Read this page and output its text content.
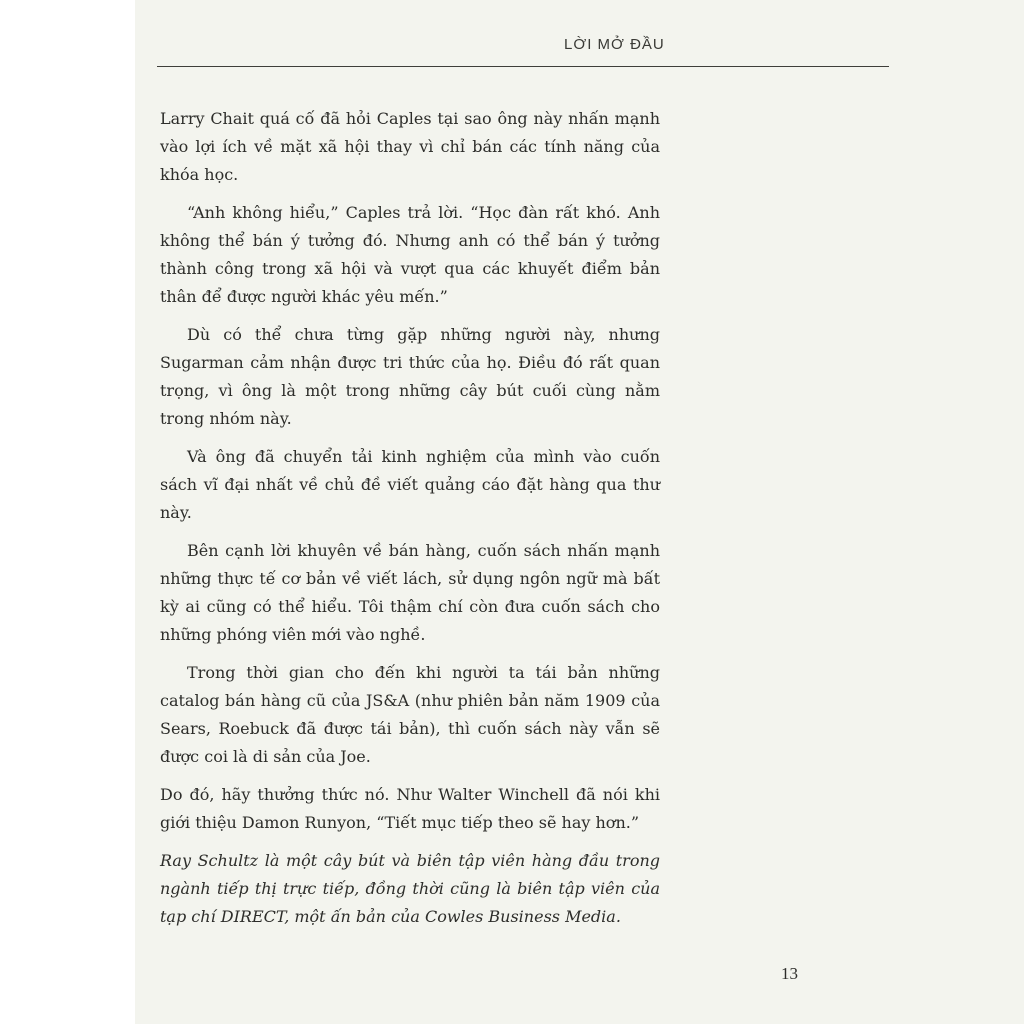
LỜI MỞ ĐẦU

Larry Chait quá cố đã hỏi Caples tại sao ông này nhấn mạnh vào lợi ích về mặt xã hội thay vì chỉ bán các tính năng của khóa học.

“Anh không hiểu,” Caples trả lời. “Học đàn rất khó. Anh không thể bán ý tưởng đó. Nhưng anh có thể bán ý tưởng thành công trong xã hội và vượt qua các khuyết điểm bản thân để được người khác yêu mến.”

Dù có thể chưa từng gặp những người này, nhưng Sugarman cảm nhận được tri thức của họ. Điều đó rất quan trọng, vì ông là một trong những cây bút cuối cùng nằm trong nhóm này.

Và ông đã chuyển tải kinh nghiệm của mình vào cuốn sách vĩ đại nhất về chủ đề viết quảng cáo đặt hàng qua thư này.

Bên cạnh lời khuyên về bán hàng, cuốn sách nhấn mạnh những thực tế cơ bản về viết lách, sử dụng ngôn ngữ mà bất kỳ ai cũng có thể hiểu. Tôi thậm chí còn đưa cuốn sách cho những phóng viên mới vào nghề.

Trong thời gian cho đến khi người ta tái bản những catalog bán hàng cũ của JS&A (như phiên bản năm 1909 của Sears, Roebuck đã được tái bản), thì cuốn sách này vẫn sẽ được coi là di sản của Joe.

Do đó, hãy thưởng thức nó. Như Walter Winchell đã nói khi giới thiệu Damon Runyon, “Tiết mục tiếp theo sẽ hay hơn.”

Ray Schultz là một cây bút và biên tập viên hàng đầu trong ngành tiếp thị trực tiếp, đồng thời cũng là biên tập viên của tạp chí DIRECT, một ấn bản của Cowles Business Media.

13
